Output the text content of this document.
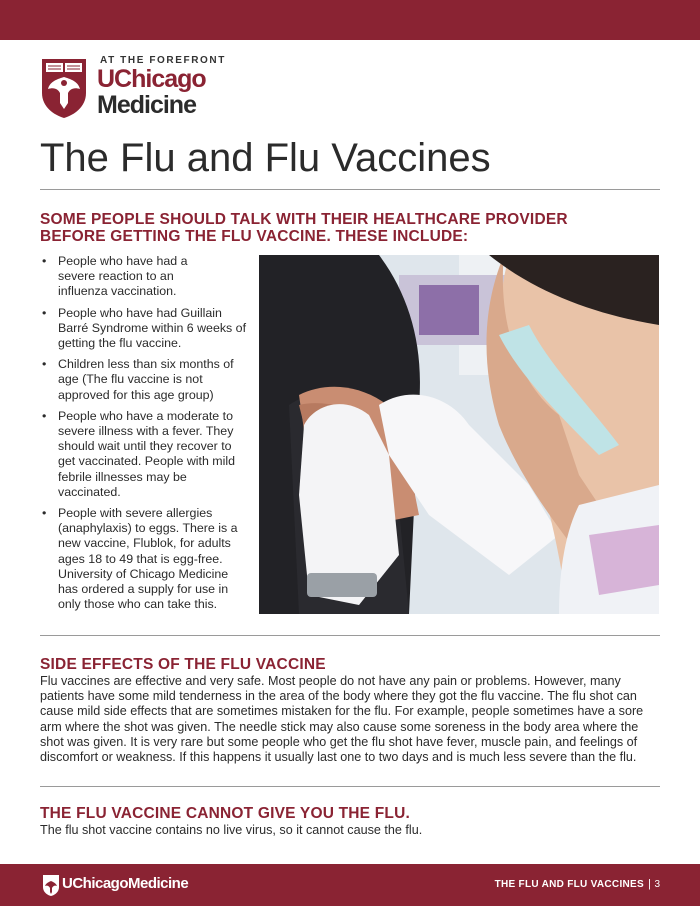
AT THE FOREFRONT
UChicago
Medicine
The Flu and Flu Vaccines
SOME PEOPLE SHOULD TALK WITH THEIR HEALTHCARE PROVIDER
BEFORE GETTING THE FLU VACCINE. THESE INCLUDE:
• People who have had a severe reaction to an influenza vaccination.
• People who have had Guillain Barré Syndrome within 6 weeks of getting the flu vaccine.
• Children less than six months of age (The flu vaccine is not approved for this age group)
• People who have a moderate to severe illness with a fever. They should wait until they recover to get vaccinated. People with mild febrile illnesses may be vaccinated.
• People with severe allergies (anaphylaxis) to eggs. There is a new vaccine, Flublok, for adults ages 18 to 49 that is egg-free. University of Chicago Medicine has ordered a supply for use in only those who can take this.
SIDE EFFECTS OF THE FLU VACCINE

Flu vaccines are effective and very safe. Most people do not have any pain or problems. However, many patients have some mild tenderness in the area of the body where they got the flu vaccine. The flu shot can cause mild side effects that are sometimes mistaken for the flu. For example, people sometimes have a sore arm where the shot was given. The needle stick may also cause some soreness in the body area where the shot was given. It is very rare but some people who get the flu shot have fever, muscle pain, and feelings of discomfort or weakness. If this happens it usually last one to two days and is much less severe than the flu.

THE FLU VACCINE CANNOT GIVE YOU THE FLU.

The flu shot vaccine contains no live virus, so it cannot cause the flu.

UChicagoMedicine	THE FLU AND FLU VACCINES | 3
